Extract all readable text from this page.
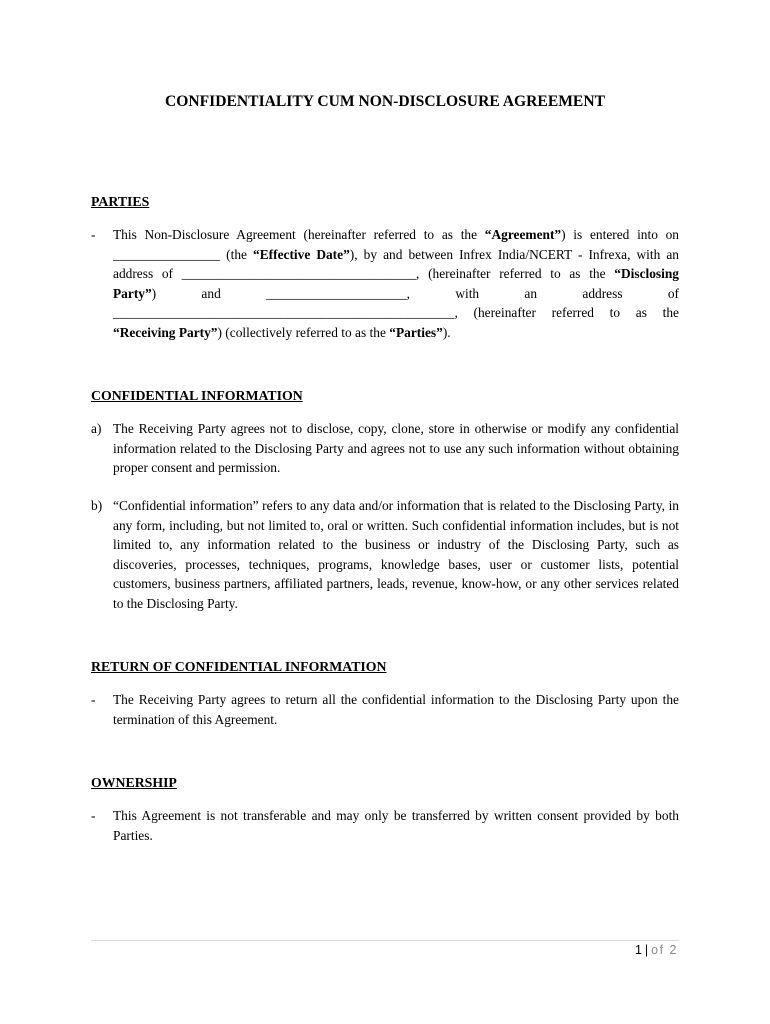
CONFIDENTIALITY CUM NON-DISCLOSURE AGREEMENT
PARTIES
- This Non-Disclosure Agreement (hereinafter referred to as the “Agreement”) is entered into on ________________ (the “Effective Date”), by and between Infrex India/NCERT - Infrexa, with an address of ___________________________________, (hereinafter referred to as the “Disclosing Party”) and _____________________, with an address of ___________________________________________________, (hereinafter referred to as the “Receiving Party”) (collectively referred to as the “Parties”).
CONFIDENTIAL INFORMATION
a) The Receiving Party agrees not to disclose, copy, clone, store in otherwise or modify any confidential information related to the Disclosing Party and agrees not to use any such information without obtaining proper consent and permission.
b) “Confidential information” refers to any data and/or information that is related to the Disclosing Party, in any form, including, but not limited to, oral or written. Such confidential information includes, but is not limited to, any information related to the business or industry of the Disclosing Party, such as discoveries, processes, techniques, programs, knowledge bases, user or customer lists, potential customers, business partners, affiliated partners, leads, revenue, know-how, or any other services related to the Disclosing Party.
RETURN OF CONFIDENTIAL INFORMATION
- The Receiving Party agrees to return all the confidential information to the Disclosing Party upon the termination of this Agreement.
OWNERSHIP
- This Agreement is not transferable and may only be transferred by written consent provided by both Parties.
1 | of 2
